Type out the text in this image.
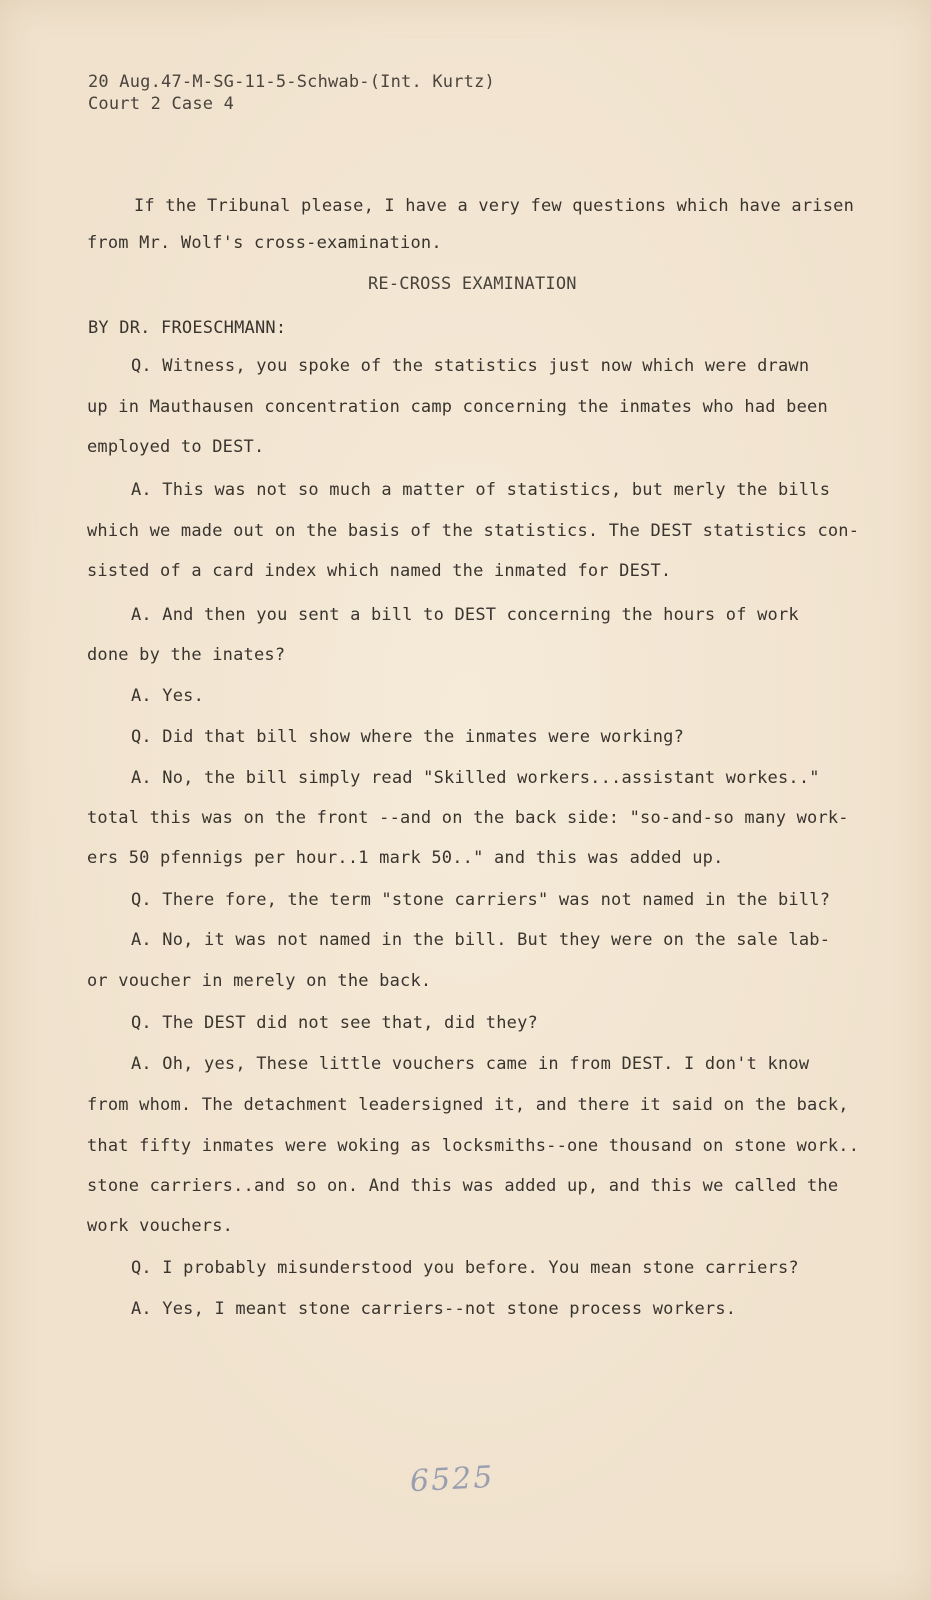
20 Aug.47-M-SG-11-5-Schwab-(Int. Kurtz)
Court 2 Case 4
If the Tribunal please, I have a very few questions which have arisen
from Mr. Wolf's cross-examination.
RE-CROSS EXAMINATION
BY DR. FROESCHMANN:
Q. Witness, you spoke of the statistics just now which were drawn
up in Mauthausen concentration camp concerning the inmates who had been
employed to DEST.
A. This was not so much a matter of statistics, but merly the bills
which we made out on the basis of the statistics. The DEST statistics con-
sisted of a card index which named the inmated for DEST.
A. And then you sent a bill to DEST concerning the hours of work
done by the inates?
A. Yes.
Q. Did that bill show where the inmates were working?
A. No, the bill simply read "Skilled workers...assistant workes.."
total this was on the front --and on the back side: "so-and-so many work-
ers 50 pfennigs per hour..1 mark 50.." and this was added up.
Q. There fore, the term "stone carriers" was not named in the bill?
A. No, it was not named in the bill. But they were on the sale lab-
or voucher in merely on the back.
Q. The DEST did not see that, did they?
A. Oh, yes, These little vouchers came in from DEST. I don't know
from whom. The detachment leadersigned it, and there it said on the back,
that fifty inmates were woking as locksmiths--one thousand on stone work..
stone carriers..and so on. And this was added up, and this we called the
work vouchers.
Q. I probably misunderstood you before. You mean stone carriers?
A. Yes, I meant stone carriers--not stone process workers.
6525
